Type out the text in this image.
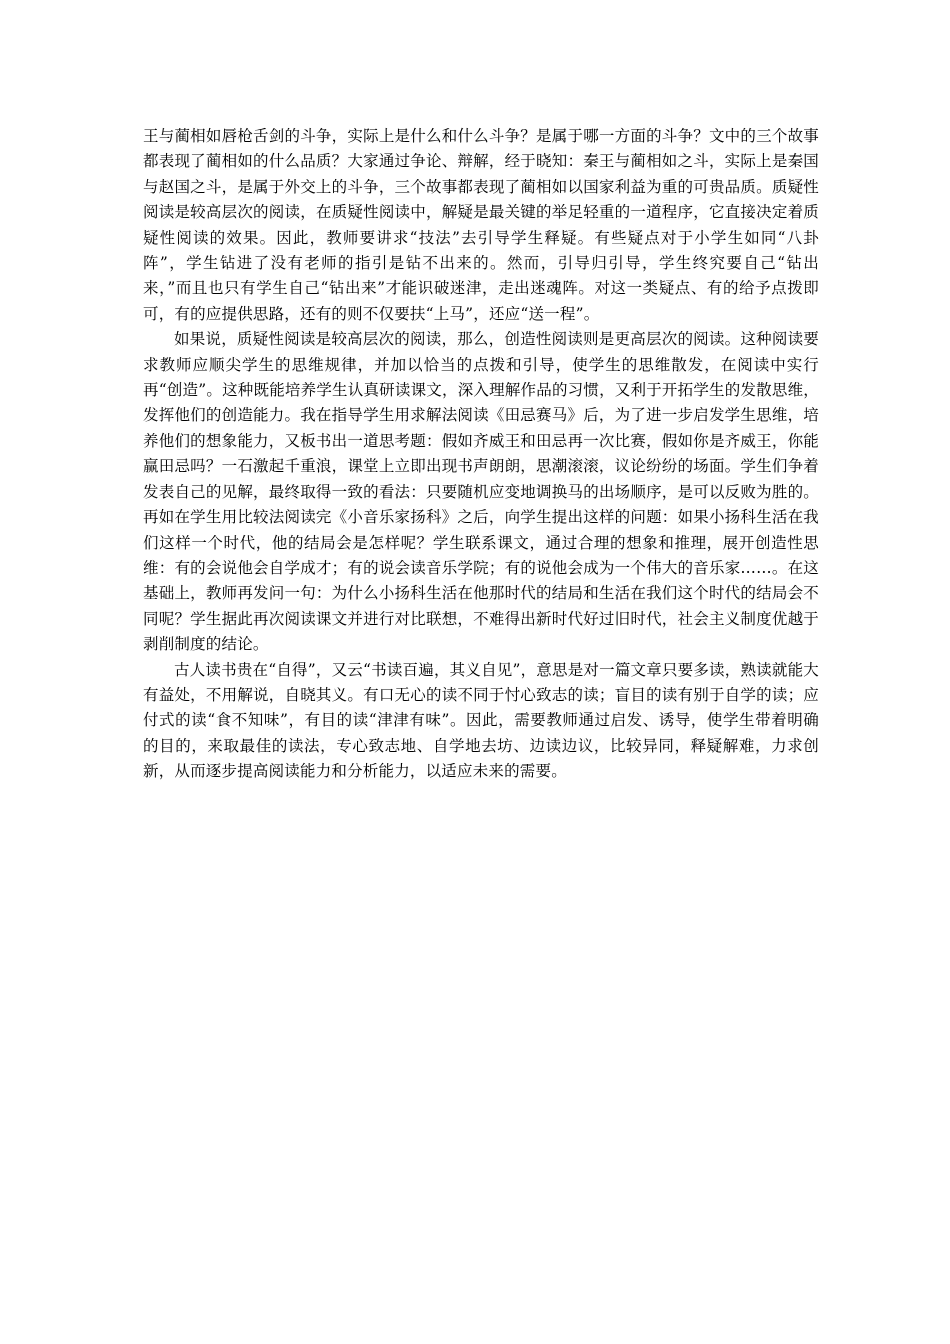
王与蔺相如唇枪舌剑的斗争，实际上是什么和什么斗争？是属于哪一方面的斗争？文中的三个故事都表现了蔺相如的什么品质？大家通过争论、辩解，经于晓知：秦王与蔺相如之斗，实际上是秦国与赵国之斗，是属于外交上的斗争，三个故事都表现了蔺相如以国家利益为重的可贵品质。质疑性阅读是较高层次的阅读，在质疑性阅读中，解疑是最关键的举足轻重的一道程序，它直接决定着质疑性阅读的效果。因此，教师要讲求“技法”去引导学生释疑。有些疑点对于小学生如同“八卦阵”，学生钻进了没有老师的指引是钻不出来的。然而，引导归引导，学生终究要自己“钻出来，”而且也只有学生自己“钻出来”才能识破迷津，走出迷魂阵。对这一类疑点、有的给予点拨即可，有的应提供思路，还有的则不仅要扶“上马”，还应“送一程”。

如果说，质疑性阅读是较高层次的阅读，那么，创造性阅读则是更高层次的阅读。这种阅读要求教师应顺尖学生的思维规律，并加以恰当的点拨和引导，使学生的思维散发，在阅读中实行再“创造”。这种既能培养学生认真研读课文，深入理解作品的习惯，又利于开拓学生的发散思维，发挥他们的创造能力。我在指导学生用求解法阅读《田忌赛马》后，为了进一步启发学生思维，培养他们的想象能力，又板书出一道思考题：假如齐威王和田忌再一次比赛，假如你是齐威王，你能赢田忌吗？一石激起千重浪，课堂上立即出现书声朗朗，思潮滚滚，议论纷纷的场面。学生们争着发表自己的见解，最终取得一致的看法：只要随机应变地调换马的出场顺序，是可以反败为胜的。再如在学生用比较法阅读完《小音乐家扬科》之后，向学生提出这样的问题：如果小扬科生活在我们这样一个时代，他的结局会是怎样呢？学生联系课文，通过合理的想象和推理，展开创造性思维：有的会说他会自学成才；有的说会读音乐学院；有的说他会成为一个伟大的音乐家……。在这基础上，教师再发问一句：为什么小扬科生活在他那时代的结局和生活在我们这个时代的结局会不同呢？学生据此再次阅读课文并进行对比联想，不难得出新时代好过旧时代，社会主义制度优越于剥削制度的结论。

古人读书贵在“自得”，又云“书读百遍，其义自见”，意思是对一篇文章只要多读，熟读就能大有益处，不用解说，自晓其义。有口无心的读不同于忖心致志的读；盲目的读有别于自学的读；应付式的读“食不知味”，有目的读“津津有味”。因此，需要教师通过启发、诱导，使学生带着明确的目的，来取最佳的读法，专心致志地、自学地去坊、边读边议，比较异同，释疑解难，力求创新，从而逐步提高阅读能力和分析能力，以适应未来的需要。
